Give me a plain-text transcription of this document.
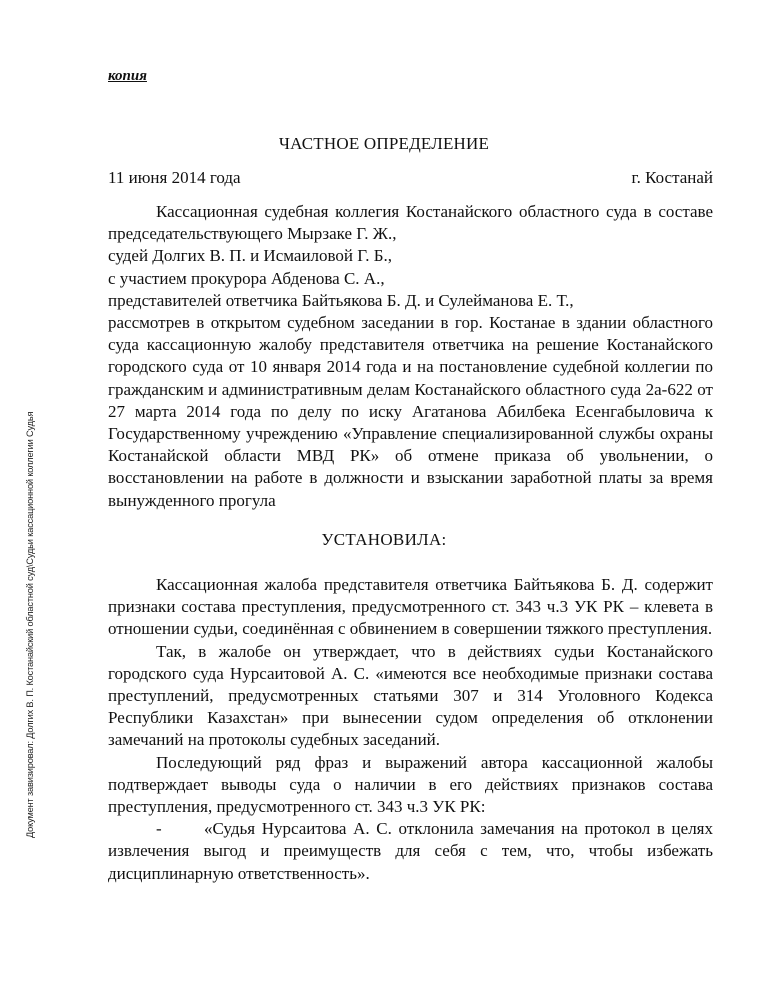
копия
Документ завизировал: Долгих В. П. Костанайский областной суд\Судьи кассационной коллегии Судья
ЧАСТНОЕ ОПРЕДЕЛЕНИЕ
11 июня 2014 года	г. Костанай

Кассационная судебная коллегия Костанайского областного суда в составе председательствующего Мырзаке Г. Ж.,

судей Долгих В. П. и Исмаиловой Г. Б.,

с участием прокурора Абденова С. А.,

представителей ответчика Байтьякова Б. Д. и Сулейманова Е. Т.,

рассмотрев в открытом судебном заседании в гор. Костанае в здании областного суда кассационную жалобу представителя ответчика на решение Костанайского городского суда от 10 января 2014 года и на постановление судебной коллегии по гражданским и административным делам Костанайского областного суда 2а-622 от 27 марта 2014 года по делу по иску Агатанова Абилбека Есенгабыловича к Государственному учреждению «Управление специализированной службы охраны Костанайской области МВД РК» об отмене приказа об увольнении, о восстановлении на работе в должности и взыскании заработной платы за время вынужденного прогула

УСТАНОВИЛА:

Кассационная жалоба представителя ответчика Байтьякова Б. Д. содержит признаки состава преступления, предусмотренного ст. 343 ч.3 УК РК – клевета в отношении судьи, соединённая с обвинением в совершении тяжкого преступления.

Так, в жалобе он утверждает, что в действиях судьи Костанайского городского суда Нурсаитовой А. С. «имеются все необходимые признаки состава преступлений, предусмотренных статьями 307 и 314 Уголовного Кодекса Республики Казахстан» при вынесении судом определения об отклонении замечаний на протоколы судебных заседаний.

Последующий ряд фраз и выражений автора кассационной жалобы подтверждает выводы суда о наличии в его действиях признаков состава преступления, предусмотренного ст. 343 ч.3 УК РК:

-	«Судья Нурсаитова А. С. отклонила замечания на протокол в целях извлечения выгод и преимуществ для себя с тем, что, чтобы избежать дисциплинарную ответственность».
